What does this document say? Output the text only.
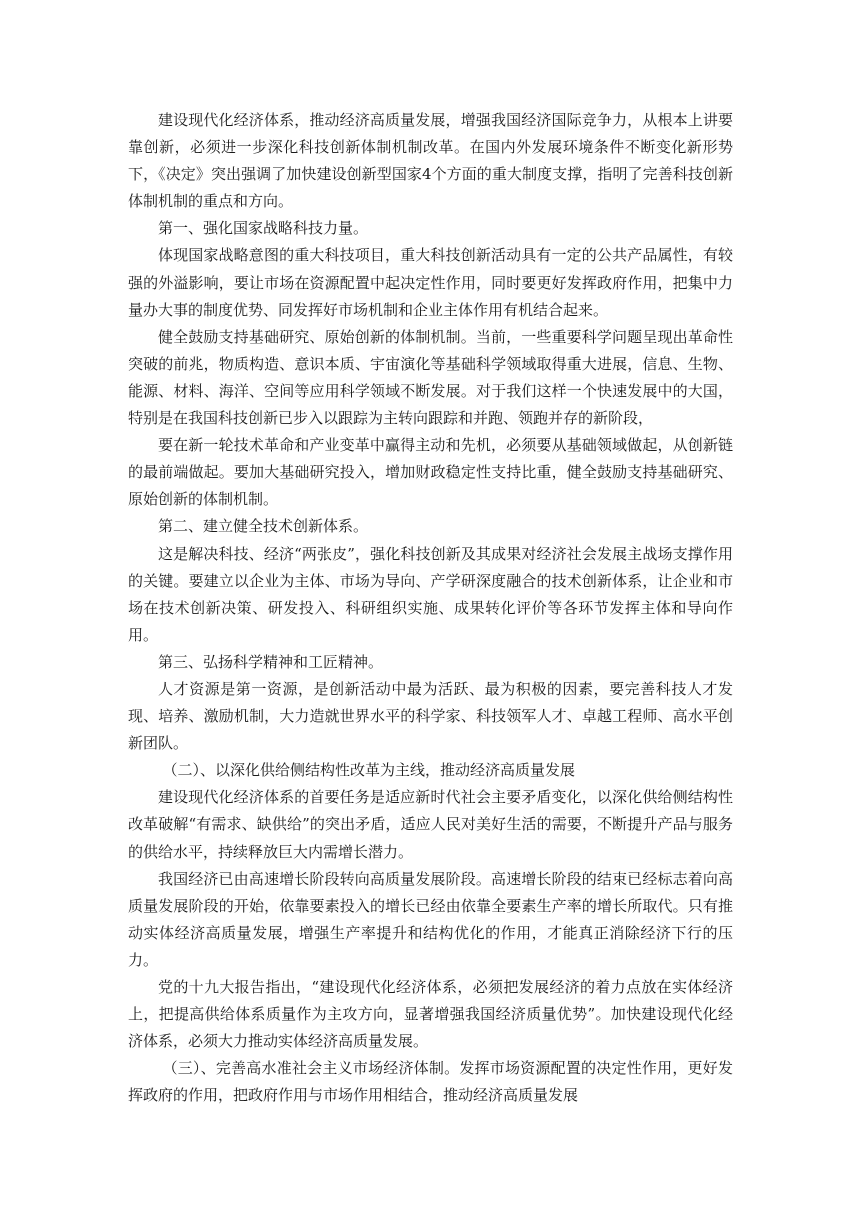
建设现代化经济体系，推动经济高质量发展，增强我国经济国际竞争力，从根本上讲要靠创新，必须进一步深化科技创新体制机制改革。在国内外发展环境条件不断变化新形势下，《决定》突出强调了加快建设创新型国家4个方面的重大制度支撑，指明了完善科技创新体制机制的重点和方向。

第一、强化国家战略科技力量。

体现国家战略意图的重大科技项目，重大科技创新活动具有一定的公共产品属性，有较强的外溢影响，要让市场在资源配置中起决定性作用，同时要更好发挥政府作用，把集中力量办大事的制度优势、同发挥好市场机制和企业主体作用有机结合起来。

健全鼓励支持基础研究、原始创新的体制机制。当前，一些重要科学问题呈现出革命性突破的前兆，物质构造、意识本质、宇宙演化等基础科学领域取得重大进展，信息、生物、能源、材料、海洋、空间等应用科学领域不断发展。对于我们这样一个快速发展中的大国，特别是在我国科技创新已步入以跟踪为主转向跟踪和并跑、领跑并存的新阶段，

要在新一轮技术革命和产业变革中赢得主动和先机，必须要从基础领域做起，从创新链的最前端做起。要加大基础研究投入，增加财政稳定性支持比重，健全鼓励支持基础研究、原始创新的体制机制。

第二、建立健全技术创新体系。

这是解决科技、经济“两张皮”，强化科技创新及其成果对经济社会发展主战场支撑作用的关键。要建立以企业为主体、市场为导向、产学研深度融合的技术创新体系，让企业和市场在技术创新决策、研发投入、科研组织实施、成果转化评价等各环节发挥主体和导向作用。

第三、弘扬科学精神和工匠精神。

人才资源是第一资源，是创新活动中最为活跃、最为积极的因素，要完善科技人才发现、培养、激励机制，大力造就世界水平的科学家、科技领军人才、卓越工程师、高水平创新团队。

（二）、以深化供给侧结构性改革为主线，推动经济高质量发展

建设现代化经济体系的首要任务是适应新时代社会主要矛盾变化，以深化供给侧结构性改革破解“有需求、缺供给”的突出矛盾，适应人民对美好生活的需要，不断提升产品与服务的供给水平，持续释放巨大内需增长潜力。

我国经济已由高速增长阶段转向高质量发展阶段。高速增长阶段的结束已经标志着向高质量发展阶段的开始，依靠要素投入的增长已经由依靠全要素生产率的增长所取代。只有推动实体经济高质量发展，增强生产率提升和结构优化的作用，才能真正消除经济下行的压力。

党的十九大报告指出，“建设现代化经济体系，必须把发展经济的着力点放在实体经济上，把提高供给体系质量作为主攻方向，显著增强我国经济质量优势”。加快建设现代化经济体系，必须大力推动实体经济高质量发展。

（三）、完善高水准社会主义市场经济体制。发挥市场资源配置的决定性作用，更好发挥政府的作用，把政府作用与市场作用相结合，推动经济高质量发展
